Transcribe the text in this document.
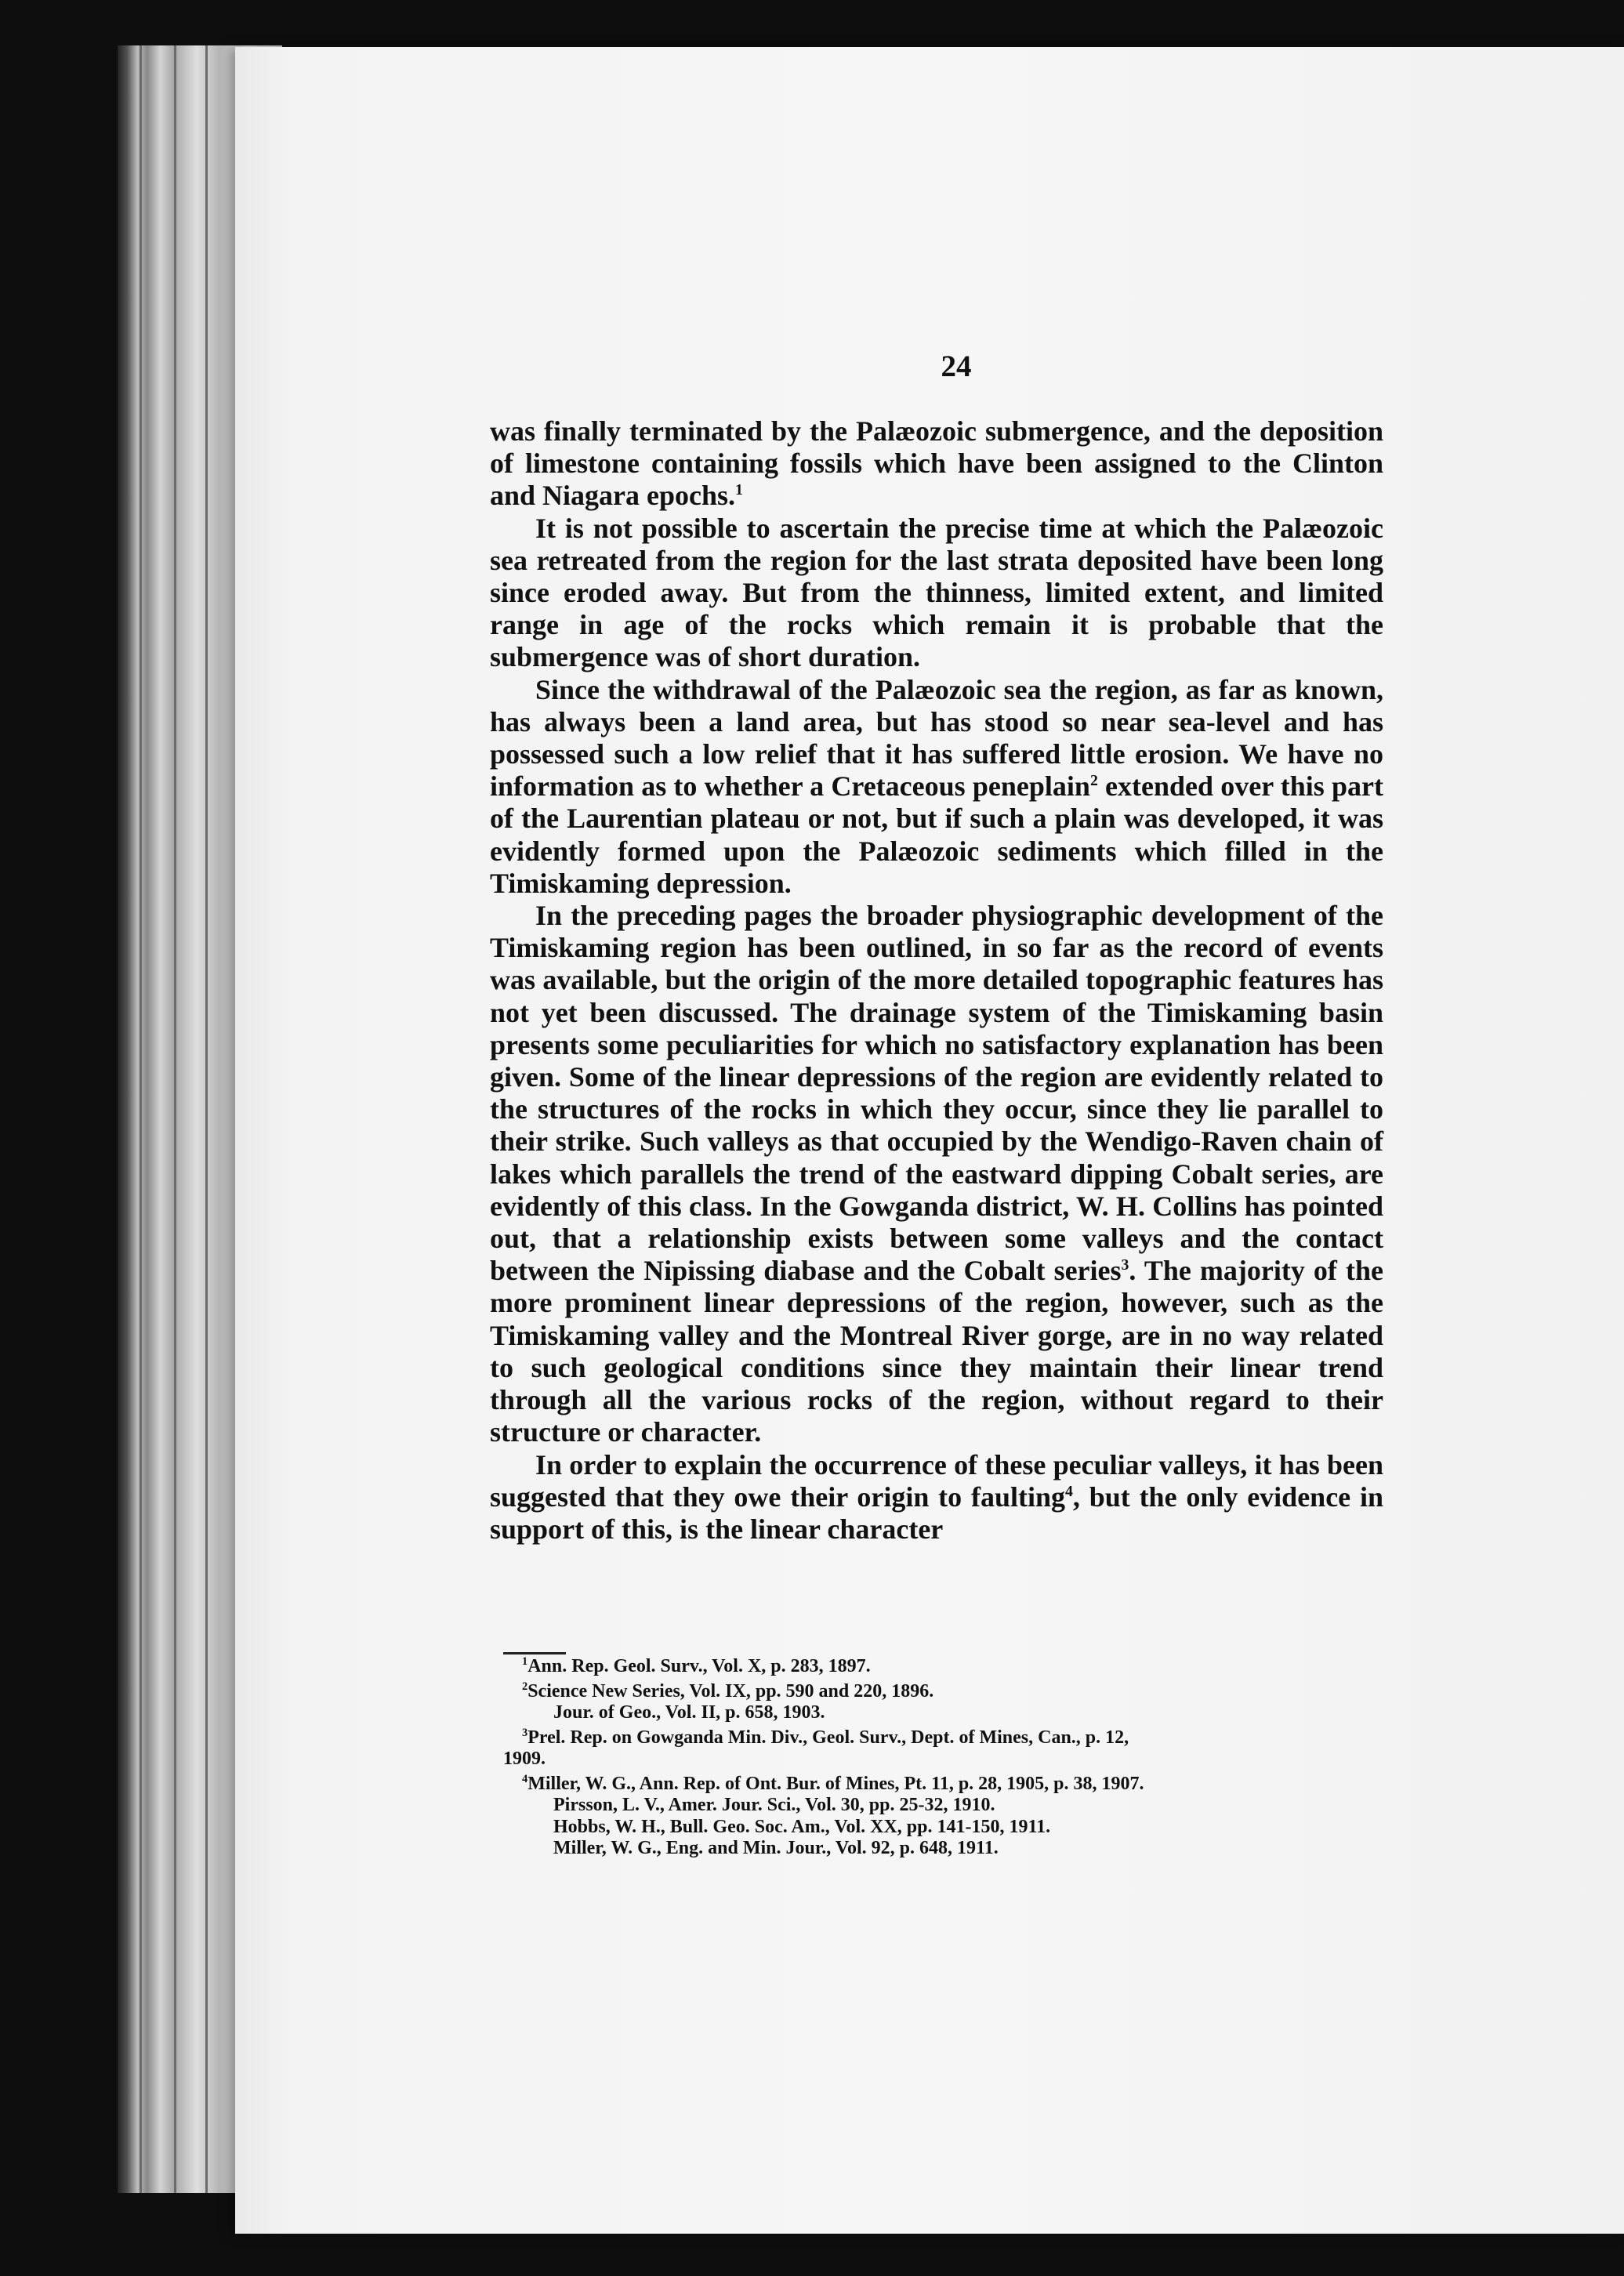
24

was finally terminated by the Palæozoic submergence, and the deposition of limestone containing fossils which have been assigned to the Clinton and Niagara epochs.$^1$

It is not possible to ascertain the precise time at which the Palæozoic sea retreated from the region for the last strata deposited have been long since eroded away. But from the thinness, limited extent, and limited range in age of the rocks which remain it is probable that the submergence was of short duration.

Since the withdrawal of the Palæozoic sea the region, as far as known, has always been a land area, but has stood so near sea-level and has possessed such a low relief that it has suffered little erosion. We have no information as to whether a Cretaceous peneplain$^2$ extended over this part of the Laurentian plateau or not, but if such a plain was developed, it was evidently formed upon the Palæozoic sediments which filled in the Timiskaming depression.

In the preceding pages the broader physiographic development of the Timiskaming region has been outlined, in so far as the record of events was available, but the origin of the more detailed topographic features has not yet been discussed. The drainage system of the Timiskaming basin presents some peculiarities for which no satisfactory explanation has been given. Some of the linear depressions of the region are evidently related to the structures of the rocks in which they occur, since they lie parallel to their strike. Such valleys as that occupied by the Wendigo-Raven chain of lakes which parallels the trend of the eastward dipping Cobalt series, are evidently of this class. In the Gowganda district, W. H. Collins has pointed out, that a relationship exists between some valleys and the contact between the Nipissing diabase and the Cobalt series$^3$. The majority of the more prominent linear depressions of the region, however, such as the Timiskaming valley and the Montreal River gorge, are in no way related to such geological conditions since they maintain their linear trend through all the various rocks of the region, without regard to their structure or character.

In order to explain the occurrence of these peculiar valleys, it has been suggested that they owe their origin to faulting$^4$, but the only evidence in support of this, is the linear character

$^1$Ann. Rep. Geol. Surv., Vol. X, p. 283, 1897.
$^2$Science New Series, Vol. IX, pp. 590 and 220, 1896.
Jour. of Geo., Vol. II, p. 658, 1903.
$^3$Prel. Rep. on Gowganda Min. Div., Geol. Surv., Dept. of Mines, Can., p. 12,
1909.
$^4$Miller, W. G., Ann. Rep. of Ont. Bur. of Mines, Pt. 11, p. 28, 1905, p. 38, 1907.
Pirsson, L. V., Amer. Jour. Sci., Vol. 30, pp. 25-32, 1910.
Hobbs, W. H., Bull. Geo. Soc. Am., Vol. XX, pp. 141-150, 1911.
Miller, W. G., Eng. and Min. Jour., Vol. 92, p. 648, 1911.
